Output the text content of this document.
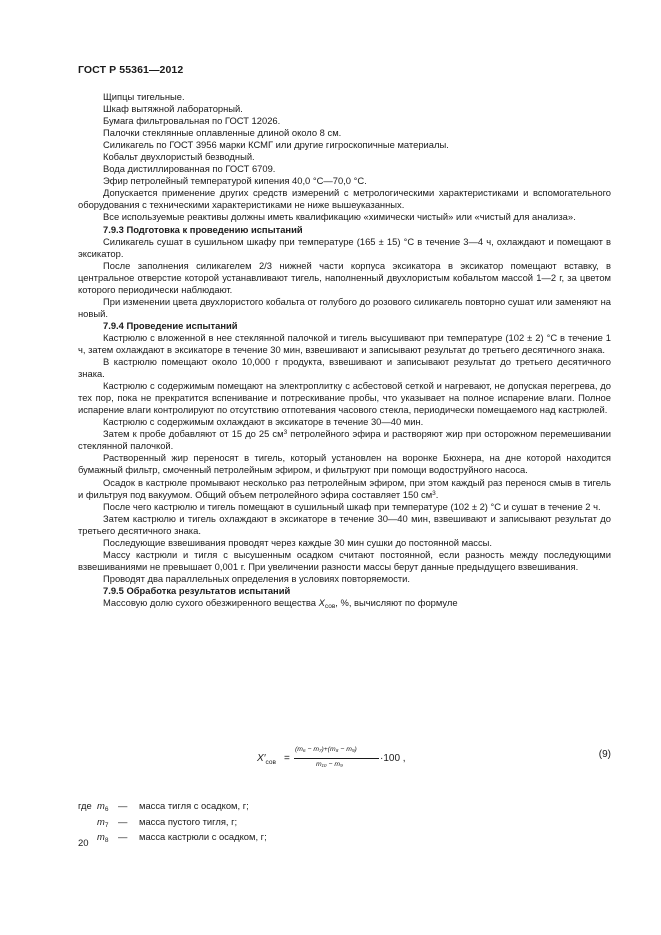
ГОСТ Р 55361—2012

Щипцы тигельные.

Шкаф вытяжной лабораторный.

Бумага фильтровальная по ГОСТ 12026.

Палочки стеклянные оплавленные длиной около 8 см.

Силикагель по ГОСТ 3956 марки КСМГ или другие гигроскопичные материалы.

Кобальт двухлористый безводный.

Вода дистиллированная по ГОСТ 6709.

Эфир петролейный температурой кипения 40,0 °С—70,0 °С.

Допускается применение других средств измерений с метрологическими характеристиками и вспомогательного оборудования с техническими характеристиками не ниже вышеуказанных.

Все используемые реактивы должны иметь квалификацию «химически чистый» или «чистый для анализа».

7.9.3 Подготовка к проведению испытаний

Силикагель сушат в сушильном шкафу при температуре (165 ± 15) °С в течение 3—4 ч, охлаждают и помещают в эксикатор.

После заполнения силикагелем 2/3 нижней части корпуса эксикатора в эксикатор помещают вставку, в центральное отверстие которой устанавливают тигель, наполненный двухлористым кобальтом массой 1—2 г, за цветом которого периодически наблюдают.

При изменении цвета двухлористого кобальта от голубого до розового силикагель повторно сушат или заменяют на новый.

7.9.4 Проведение испытаний

Кастрюлю с вложенной в нее стеклянной палочкой и тигель высушивают при температуре (102 ± 2) °С в течение 1 ч, затем охлаждают в эксикаторе в течение 30 мин, взвешивают и записывают результат до третьего десятичного знака.

В кастрюлю помещают около 10,000 г продукта, взвешивают и записывают результат до третьего десятичного знака.

Кастрюлю с содержимым помещают на электроплитку с асбестовой сеткой и нагревают, не допуская перегрева, до тех пор, пока не прекратится вспенивание и потрескивание пробы, что указывает на полное испарение влаги. Полное испарение влаги контролируют по отсутствию отпотевания часового стекла, периодически помещаемого над кастрюлей.

Кастрюлю с содержимым охлаждают в эксикаторе в течение 30—40 мин.

Затем к пробе добавляют от 15 до 25 $см^3$ петролейного эфира и растворяют жир при осторожном перемешивании стеклянной палочкой.

Растворенный жир переносят в тигель, который установлен на воронке Бюхнера, на дне которой находится бумажный фильтр, смоченный петролейным эфиром, и фильтруют при помощи водоструйного насоса.

Осадок в кастрюле промывают несколько раз петролейным эфиром, при этом каждый раз перенося смыв в тигель и фильтруя под вакуумом. Общий объем петролейного эфира составляет 150 $см^3$.

После чего кастрюлю и тигель помещают в сушильный шкаф при температуре (102 ± 2) °С и сушат в течение 2 ч.

Затем кастрюлю и тигель охлаждают в эксикаторе в течение 30—40 мин, взвешивают и записывают результат до третьего десятичного знака.

Последующие взвешивания проводят через каждые 30 мин сушки до постоянной массы.

Массу кастрюли и тигля с высушенным осадком считают постоянной, если разность между последующими взвешиваниями не превышает 0,001 г. При увеличении разности массы берут данные предыдущего взвешивания.

Проводят два параллельных определения в условиях повторяемости.

7.9.5 Обработка результатов испытаний

Массовую долю сухого обезжиренного вещества $X_{сов}$, %, вычисляют по формуле

$X'_{сов}$ =
(m₆ − m₇)+(m₈ − m₉)
m₁₀ − m₉
·100 ,	(9)
где $m_6$ — масса тигля с осадком, г;
$m_7$ — масса пустого тигля, г;
$m_8$ — масса кастрюли с осадком, г;
20
